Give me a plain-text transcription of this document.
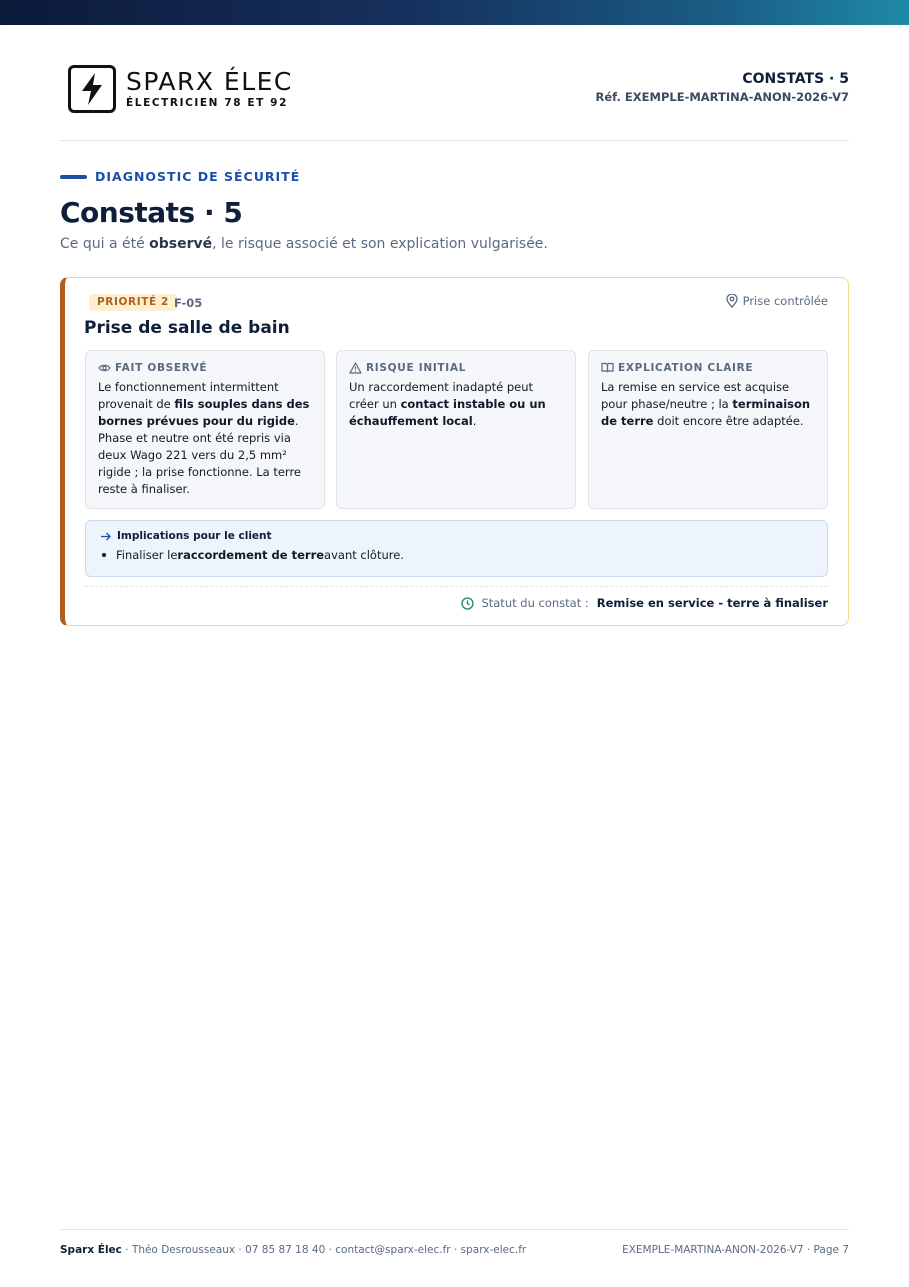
SPARX ÉLEC
ÉLECTRICIEN 78 ET 92
CONSTATS · 5
Réf. EXEMPLE-MARTINA-ANON-2026-V7
DIAGNOSTIC DE SÉCURITÉ
Constats · 5
Ce qui a été observé, le risque associé et son explication vulgarisée.
PRIORITÉ 2 F-05	Prise contrôlée
Prise de salle de bain
FAIT OBSERVÉ
Le fonctionnement intermittent provenait de fils souples dans des bornes prévues pour du rigide. Phase et neutre ont été repris via deux Wago 221 vers du 2,5 mm² rigide ; la prise fonctionne. La terre reste à finaliser.
RISQUE INITIAL
Un raccordement inadapté peut créer un contact instable ou un échauffement local.
EXPLICATION CLAIRE
La remise en service est acquise pour phase/neutre ; la terminaison de terre doit encore être adaptée.
Implications pour le client
Finaliser le raccordement de terre avant clôture.
Statut du constat : Remise en service - terre à finaliser
Sparx Élec · Théo Desrousseaux · 07 85 87 18 40 · contact@sparx-elec.fr · sparx-elec.fr	EXEMPLE-MARTINA-ANON-2026-V7 · Page 7
